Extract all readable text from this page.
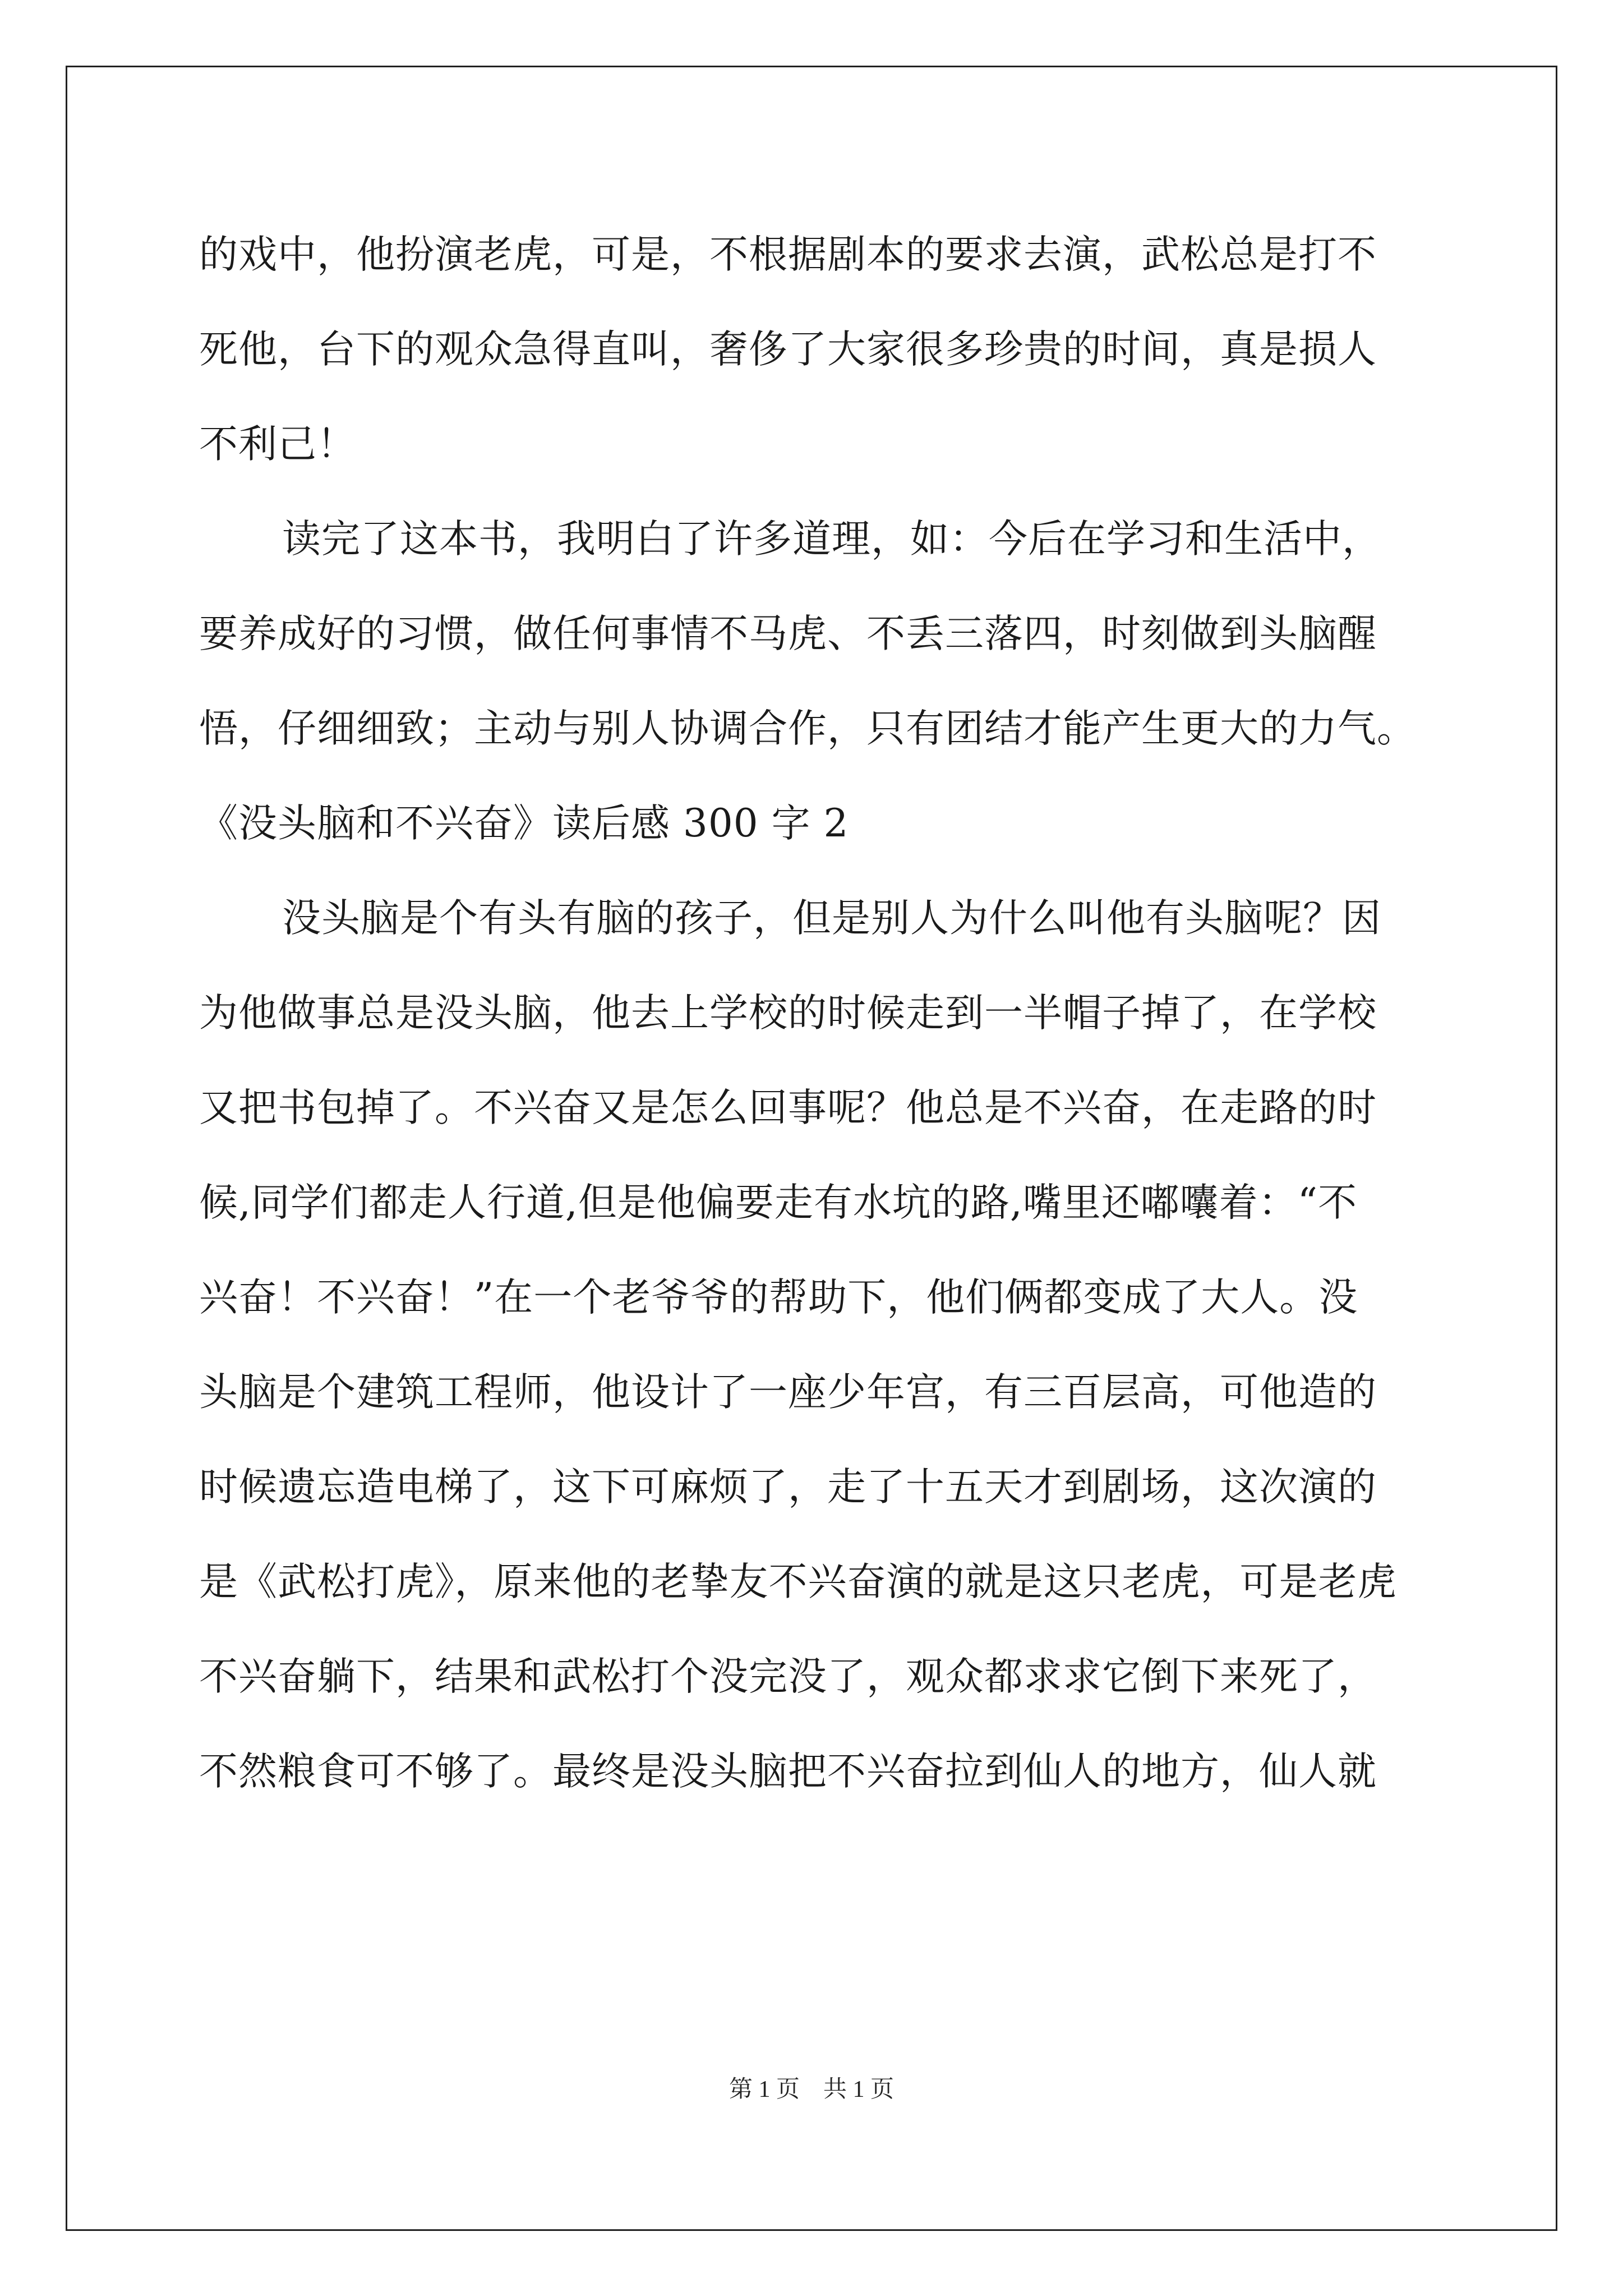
的戏中，他扮演老虎，可是，不根据剧本的要求去演，武松总是打不
死他，台下的观众急得直叫，奢侈了大家很多珍贵的时间，真是损人
不利己！
读完了这本书，我明白了许多道理，如：今后在学习和生活中，
要养成好的习惯，做任何事情不马虎、不丢三落四，时刻做到头脑醒
悟，仔细细致；主动与别人协调合作，只有团结才能产生更大的力气。
《没头脑和不兴奋》读后感 300 字 2
没头脑是个有头有脑的孩子，但是别人为什么叫他有头脑呢？因
为他做事总是没头脑，他去上学校的时候走到一半帽子掉了，在学校
又把书包掉了。不兴奋又是怎么回事呢？他总是不兴奋，在走路的时
候,同学们都走人行道,但是他偏要走有水坑的路,嘴里还嘟囔着：“不
兴奋！不兴奋！”在一个老爷爷的帮助下，他们俩都变成了大人。没
头脑是个建筑工程师，他设计了一座少年宫，有三百层高，可他造的
时候遗忘造电梯了，这下可麻烦了，走了十五天才到剧场，这次演的
是《武松打虎》，原来他的老挚友不兴奋演的就是这只老虎，可是老虎
不兴奋躺下，结果和武松打个没完没了，观众都求求它倒下来死了，
不然粮食可不够了。最终是没头脑把不兴奋拉到仙人的地方，仙人就
第 1 页 共 1 页
